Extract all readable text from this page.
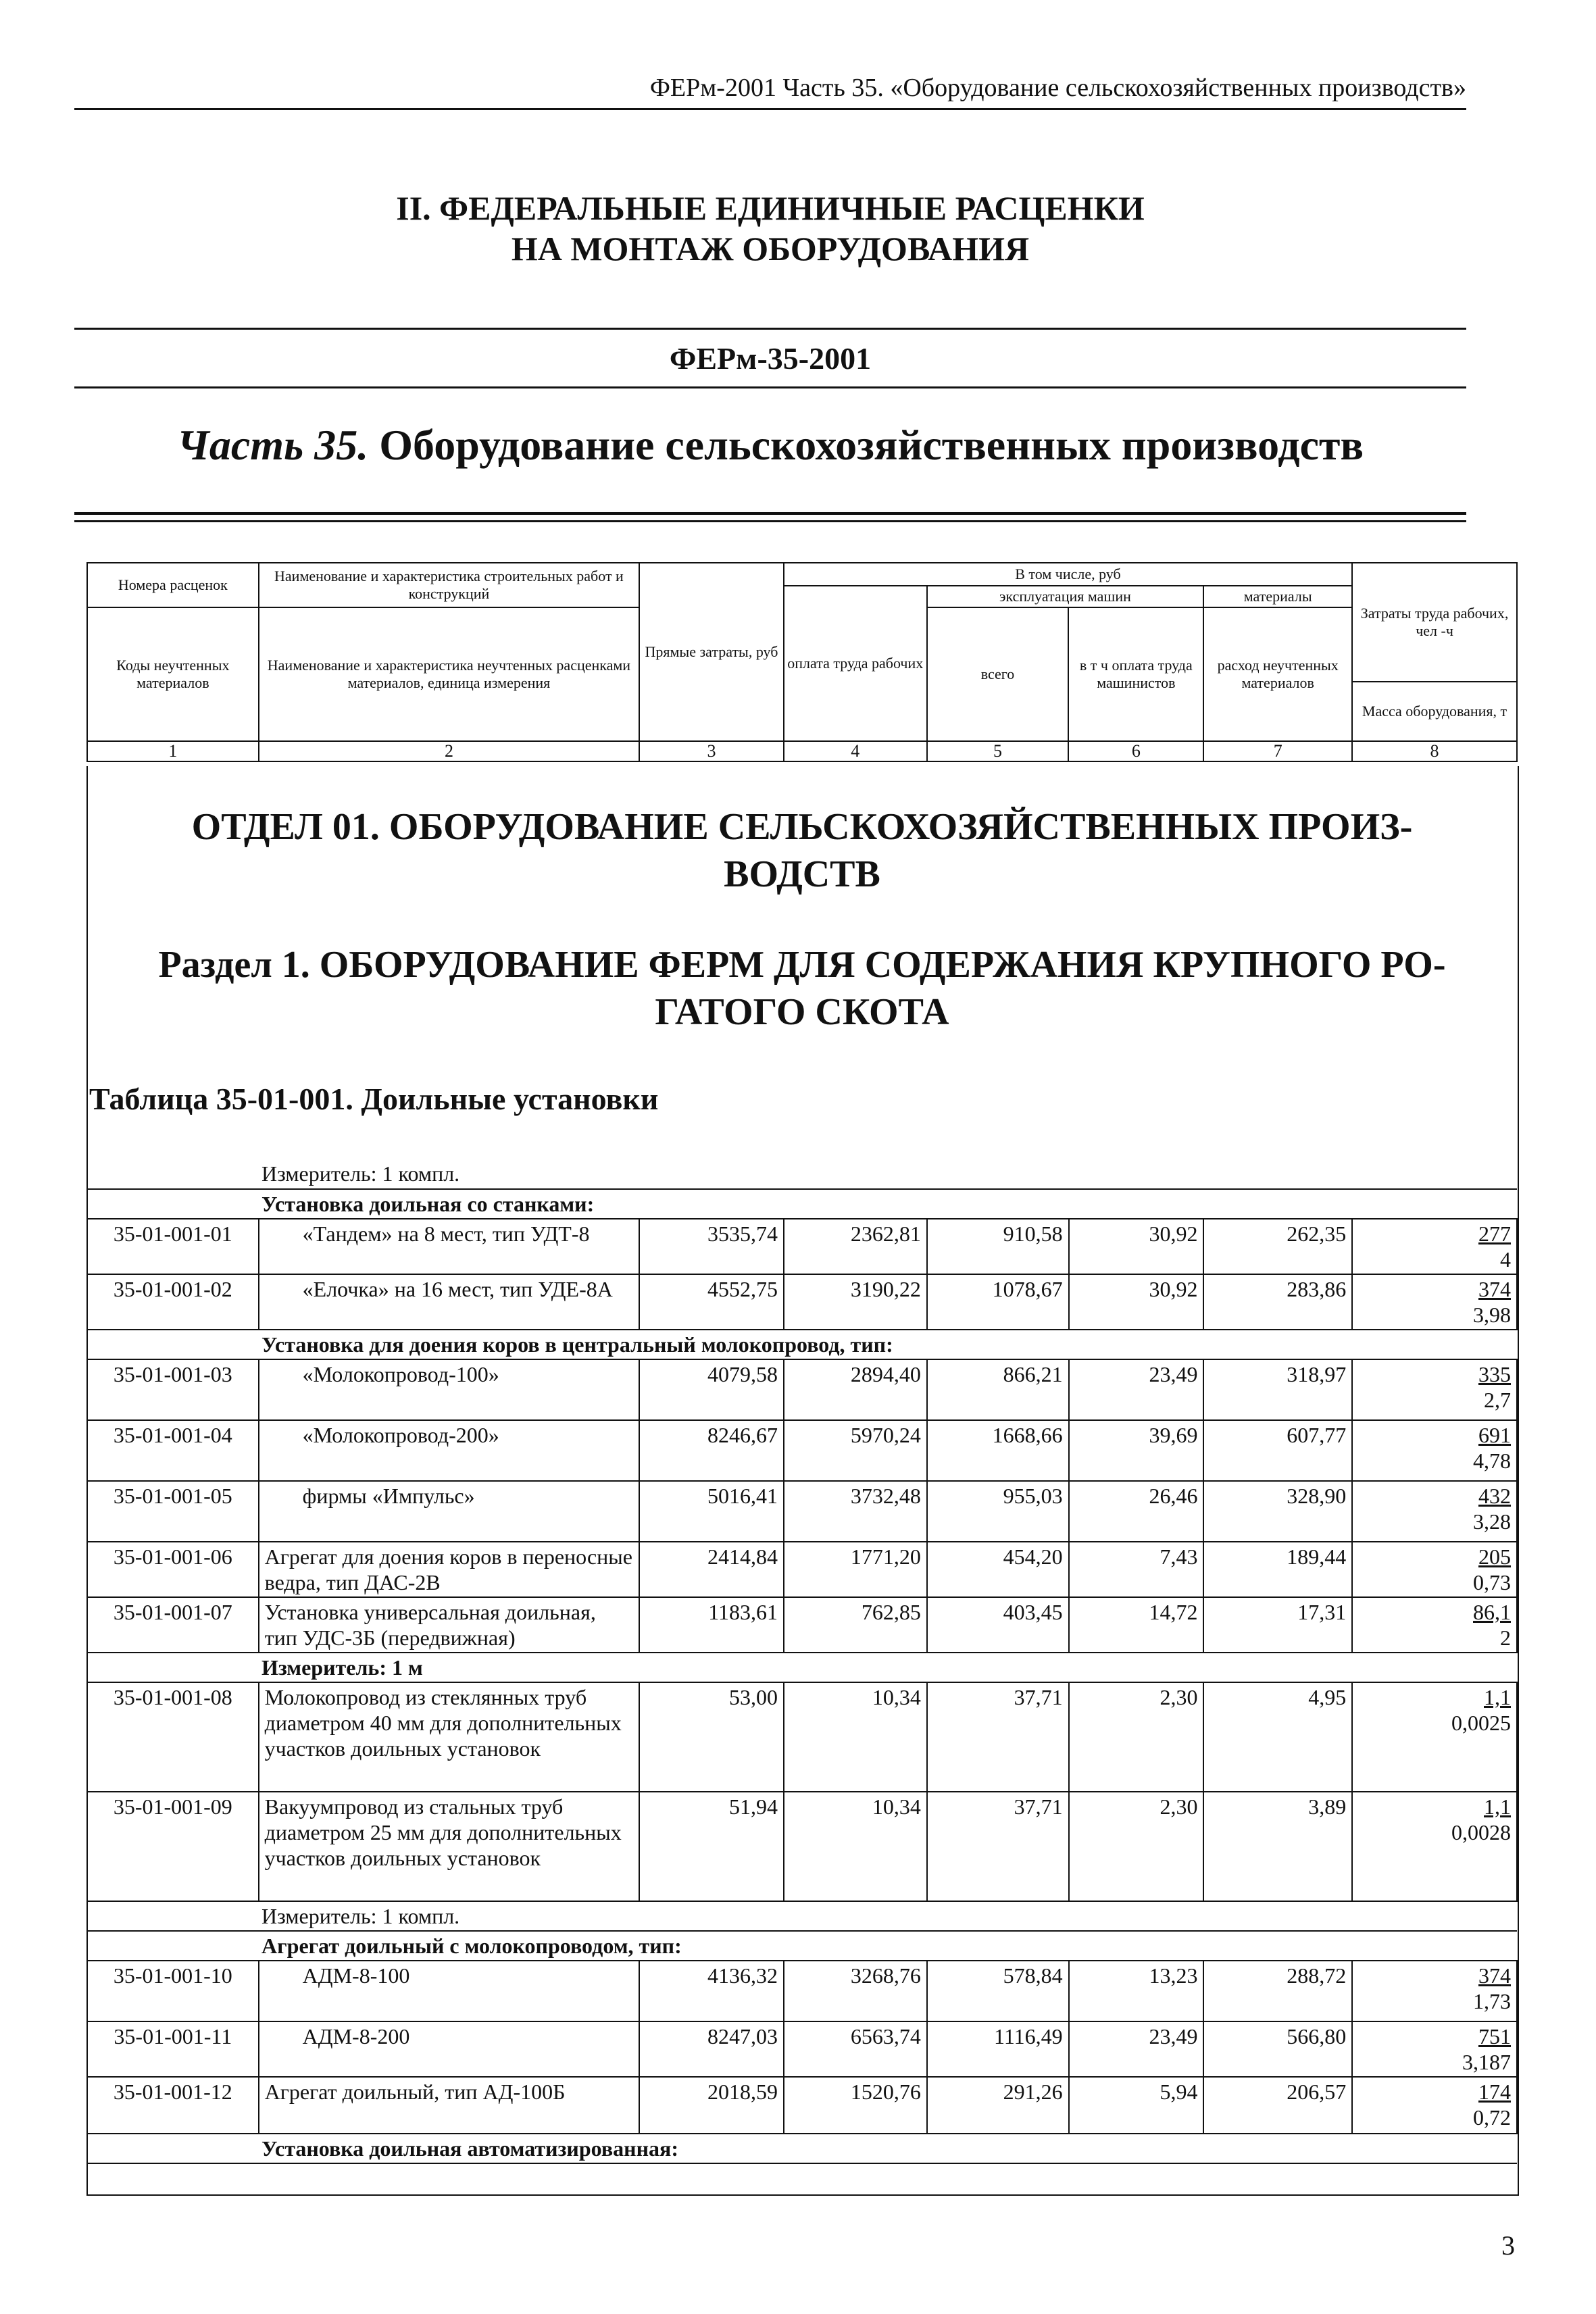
ФЕРм-2001 Часть 35. «Оборудование сельскохозяйственных производств»
II. ФЕДЕРАЛЬНЫЕ ЕДИНИЧНЫЕ РАСЦЕНКИ
НА МОНТАЖ ОБОРУДОВАНИЯ
ФЕРм-35-2001
Часть 35. Оборудование сельскохозяйственных производств
Номера расценок	Наименование и характеристика строительных работ и конструкций	Прямые затраты, руб	В том числе, руб				Затраты труда рабочих, чел -ч
			оплата труда рабочих	эксплуатация машин		материалы	
Коды неучтенных материалов	Наименование и характеристика неучтенных расценками материалов, единица измерения			всего	в т ч оплата труда машинистов	расход неучтенных материалов	
							Масса оборудования, т
1	2	3	4	5	6	7	8
ОТДЕЛ 01. ОБОРУДОВАНИЕ СЕЛЬСКОХОЗЯЙСТВЕННЫХ ПРОИЗ-
ВОДСТВ
Раздел 1. ОБОРУДОВАНИЕ ФЕРМ ДЛЯ СОДЕРЖАНИЯ КРУПНОГО РО-
ГАТОГО СКОТА
Таблица 35-01-001. Доильные установки
Измеритель: 1 компл.							

Установка доильная со станками:							

35-01-001-01	«Тандем» на 8 мест, тип УДТ-8	3535,74	2362,81	910,58	30,92	262,35	277
4

35-01-001-02	«Елочка» на 16 мест, тип УДЕ-8А	4552,75	3190,22	1078,67	30,92	283,86	374
3,98

Установка для доения коров в центральный молокопровод, тип:							

35-01-001-03	«Молокопровод-100»	4079,58	2894,40	866,21	23,49	318,97	335
2,7

35-01-001-04	«Молокопровод-200»	8246,67	5970,24	1668,66	39,69	607,77	691
4,78

35-01-001-05	фирмы «Импульс»	5016,41	3732,48	955,03	26,46	328,90	432
3,28

35-01-001-06	Агрегат для доения коров в переносные ведра, тип ДАС-2В	2414,84	1771,20	454,20	7,43	189,44	205
0,73

35-01-001-07	Установка универсальная доильная, тип УДС-3Б (передвижная)	1183,61	762,85	403,45	14,72	17,31	86,1
2

Измеритель: 1 м							

35-01-001-08	Молокопровод из стеклянных труб диаметром 40 мм для дополнительных участков доильных установок	53,00	10,34	37,71	2,30	4,95	1,1
0,0025

35-01-001-09	Вакуумпровод из стальных труб диаметром 25 мм для дополнительных участков доильных установок	51,94	10,34	37,71	2,30	3,89	1,1
0,0028

Измеритель: 1 компл.							

Агрегат доильный с молокопроводом, тип:							

35-01-001-10	АДМ-8-100	4136,32	3268,76	578,84	13,23	288,72	374
1,73

35-01-001-11	АДМ-8-200	8247,03	6563,74	1116,49	23,49	566,80	751
3,187

35-01-001-12	Агрегат доильный, тип АД-100Б	2018,59	1520,76	291,26	5,94	206,57	174
0,72

Установка доильная автоматизированная:							
3
